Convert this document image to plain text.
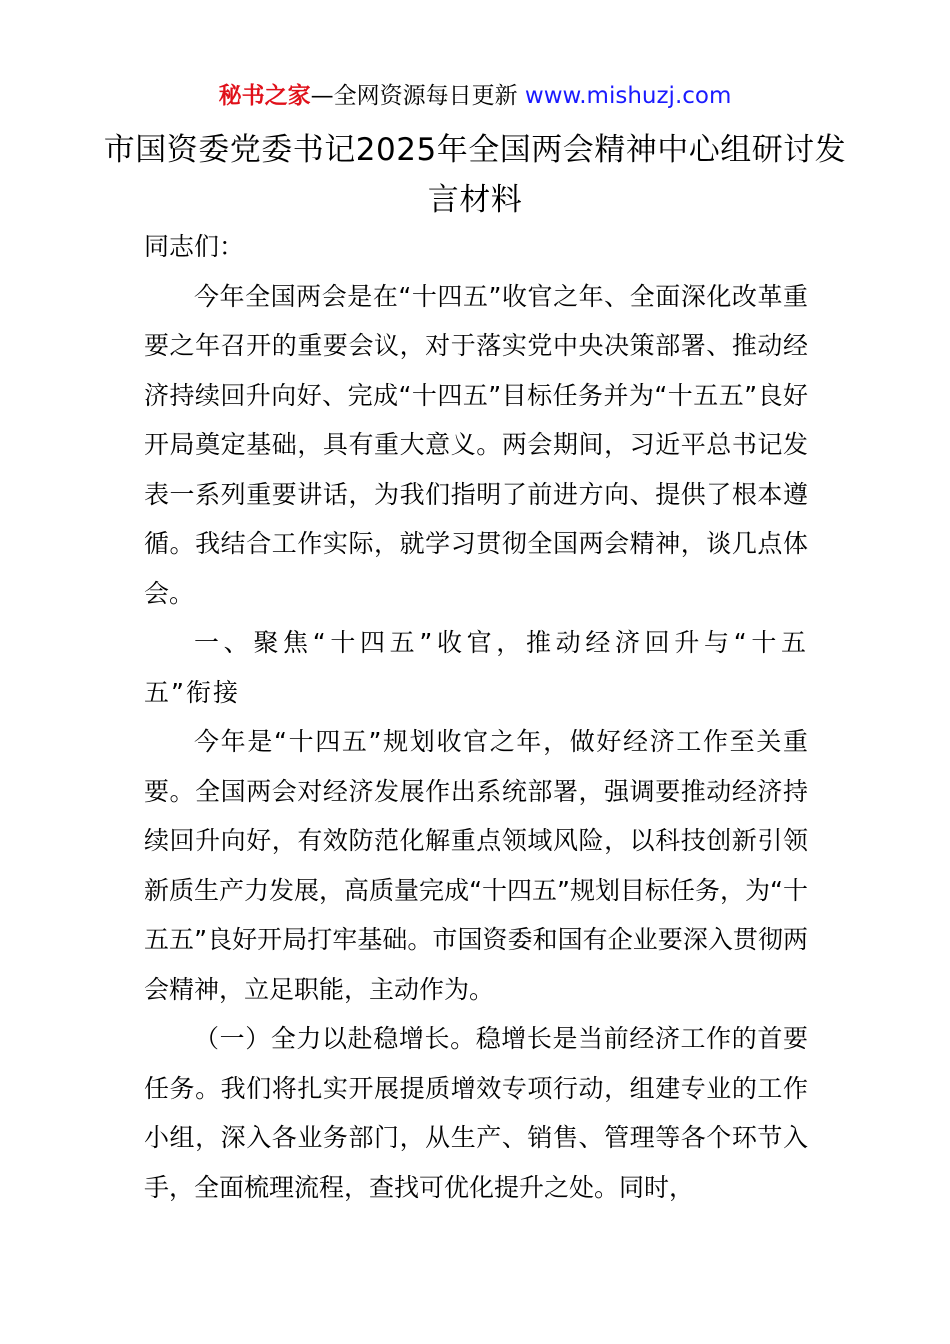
秘书之家—全网资源每日更新 www.mishuzj.com
市国资委党委书记2025年全国两会精神中心组研讨发言材料

同志们：

今年全国两会是在“十四五”收官之年、全面深化改革重要之年召开的重要会议，对于落实党中央决策部署、推动经济持续回升向好、完成“十四五”目标任务并为“十五五”良好开局奠定基础，具有重大意义。两会期间，习近平总书记发表一系列重要讲话，为我们指明了前进方向、提供了根本遵循。我结合工作实际，就学习贯彻全国两会精神，谈几点体会。

一、聚焦“十四五”收官，推动经济回升与“十五五”衔接

今年是“十四五”规划收官之年，做好经济工作至关重要。全国两会对经济发展作出系统部署，强调要推动经济持续回升向好，有效防范化解重点领域风险，以科技创新引领新质生产力发展，高质量完成“十四五”规划目标任务，为“十五五”良好开局打牢基础。市国资委和国有企业要深入贯彻两会精神，立足职能，主动作为。

（一）全力以赴稳增长。稳增长是当前经济工作的首要任务。我们将扎实开展提质增效专项行动，组建专业的工作小组，深入各业务部门，从生产、销售、管理等各个环节入手，全面梳理流程，查找可优化提升之处。同时，
